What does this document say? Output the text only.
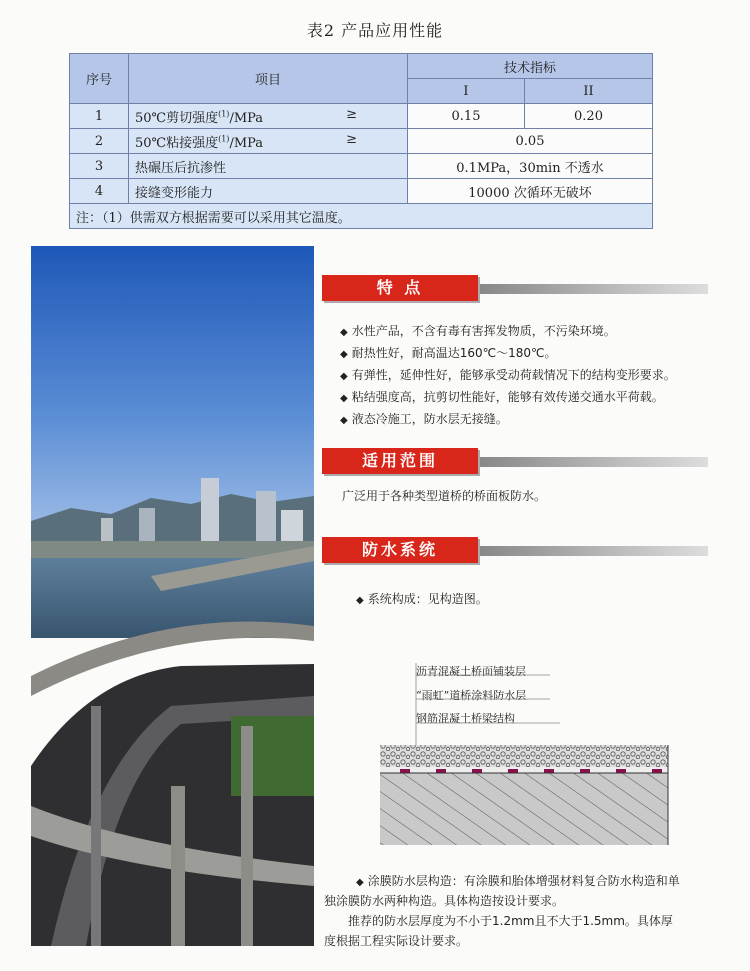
表2 产品应用性能
序号	项目	技术指标	
		I	II
1	50℃剪切强度$^{(1)}$/MPa ≥	0.15	0.20
2	50℃粘接强度$^{(1)}$/MPa ≥	0.05	
3	热碾压后抗渗性	0.1MPa，30min 不透水	
4	接缝变形能力	10000 次循环无破坏	
注：（1）供需双方根据需要可以采用其它温度。			
特 点
◆ 水性产品，不含有毒有害挥发物质，不污染环境。
◆ 耐热性好，耐高温达160℃～180℃。
◆ 有弹性，延伸性好，能够承受动荷载情况下的结构变形要求。
◆ 粘结强度高，抗剪切性能好，能够有效传递交通水平荷载。
◆ 液态冷施工，防水层无接缝。
适用范围
广泛用于各种类型道桥的桥面板防水。
防水系统
◆ 系统构成：见构造图。
沥青混凝土桥面铺装层
“雨虹”道桥涂料防水层
钢筋混凝土桥梁结构
◆ 涂膜防水层构造：有涂膜和胎体增强材料复合防水构造和单
独涂膜防水两种构造。具体构造按设计要求。
推荐的防水层厚度为不小于1.2mm且不大于1.5mm。具体厚
度根据工程实际设计要求。
